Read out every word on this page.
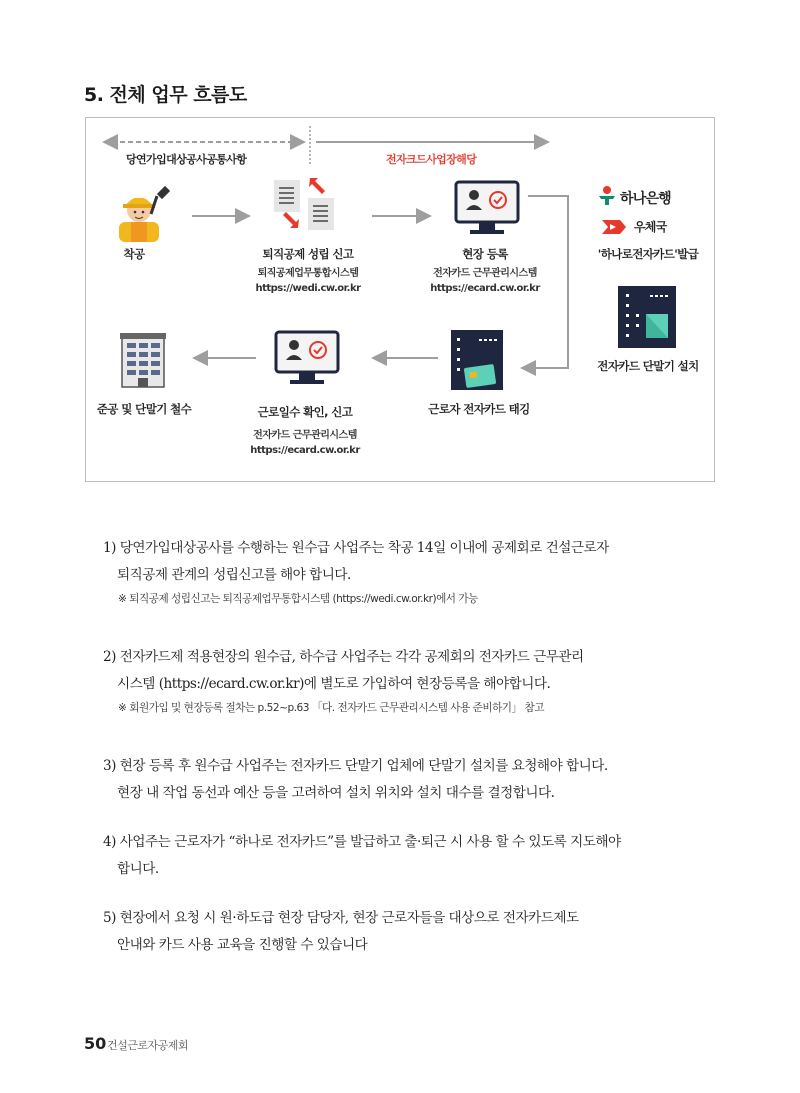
5. 전체 업무 흐름도
당연가입대상공사공통사항	전자크드사업장해당
하나은행
우체국
착공	퇴직공제 성립 신고
퇴직공제업무통합시스템
https://wedi.cw.or.kr
현장 등록
전자카드 근무관리시스템
https://ecard.cw.or.kr
'하나로전자카드'발급
전자카드 단말기 설치
근로자 전자카드 태깅
근로일수 확인, 신고
전자카드 근무관리시스템
https://ecard.cw.or.kr
준공 및 단말기 철수
1) 당연가입대상공사를 수행하는 원수급 사업주는 착공 14일 이내에 공제회로 건설근로자
퇴직공제 관계의 성립신고를 해야 합니다.
※ 퇴직공제 성립신고는 퇴직공제업무통합시스템 (https://wedi.cw.or.kr)에서 가능
2) 전자카드제 적용현장의 원수급, 하수급 사업주는 각각 공제회의 전자카드 근무관리
시스템 (https://ecard.cw.or.kr)에 별도로 가입하여 현장등록을 해야합니다.
※ 회원가입 및 현장등록 절차는 p.52~p.63 「다. 전자카드 근무관리시스템 사용 준비하기」 참고
3) 현장 등록 후 원수급 사업주는 전자카드 단말기 업체에 단말기 설치를 요청해야 합니다.
현장 내 작업 동선과 예산 등을 고려하여 설치 위치와 설치 대수를 결정합니다.
4) 사업주는 근로자가 “하나로 전자카드”를 발급하고 출·퇴근 시 사용 할 수 있도록 지도해야
합니다.
5) 현장에서 요청 시 원·하도급 현장 담당자, 현장 근로자들을 대상으로 전자카드제도
안내와 카드 사용 교육을 진행할 수 있습니다
50 건설근로자공제회
